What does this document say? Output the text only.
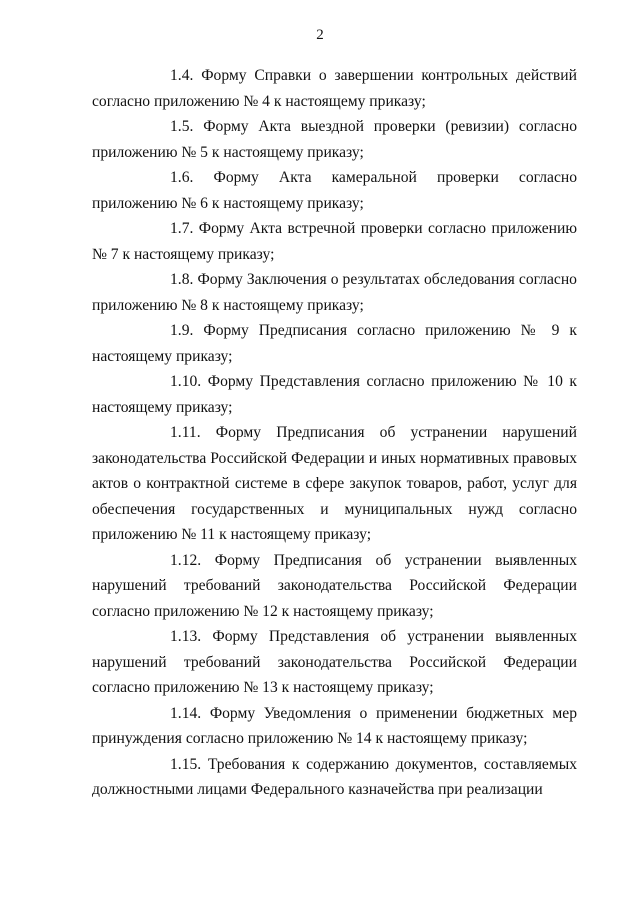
2

1.4. Форму Справки о завершении контрольных действий согласно приложению № 4 к настоящему приказу;

1.5. Форму Акта выездной проверки (ревизии) согласно приложению № 5 к настоящему приказу;

1.6. Форму Акта камеральной проверки согласно приложению № 6 к настоящему приказу;

1.7. Форму Акта встречной проверки согласно приложению № 7 к настоящему приказу;

1.8. Форму Заключения о результатах обследования согласно приложению № 8 к настоящему приказу;

1.9. Форму Предписания согласно приложению № 9 к настоящему приказу;

1.10. Форму Представления согласно приложению № 10 к настоящему приказу;

1.11. Форму Предписания об устранении нарушений законодательства Российской Федерации и иных нормативных правовых актов о контрактной системе в сфере закупок товаров, работ, услуг для обеспечения государственных и муниципальных нужд согласно приложению № 11 к настоящему приказу;

1.12. Форму Предписания об устранении выявленных нарушений требований законодательства Российской Федерации согласно приложению № 12 к настоящему приказу;

1.13. Форму Представления об устранении выявленных нарушений требований законодательства Российской Федерации согласно приложению № 13 к настоящему приказу;

1.14. Форму Уведомления о применении бюджетных мер принуждения согласно приложению № 14 к настоящему приказу;

1.15. Требования к содержанию документов, составляемых должностными лицами Федерального казначейства при реализации
